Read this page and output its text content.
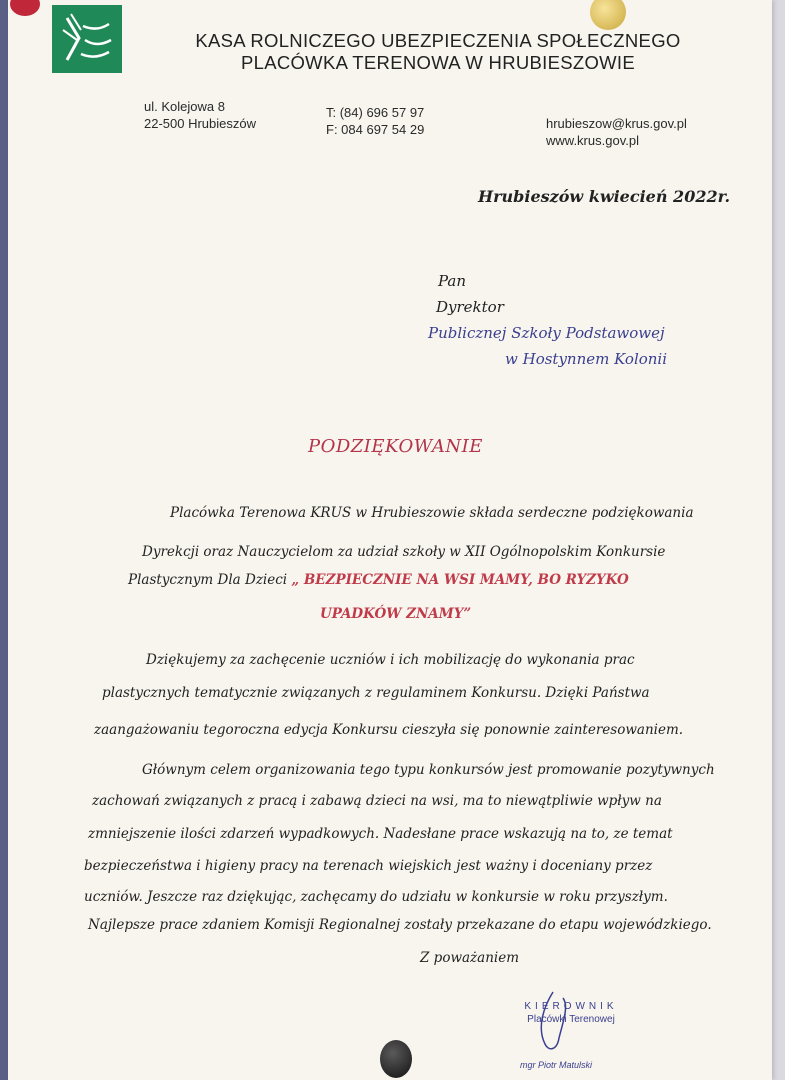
KASA ROLNICZEGO UBEZPIECZENIA SPOŁECZNEGO
PLACÓWKA TERENOWA W HRUBIESZOWIE
ul. Kolejowa 8
22-500 Hrubieszów
T: (84) 696 57 97
F: 084 697 54 29	hrubieszow@krus.gov.pl
www.krus.gov.pl
Hrubieszów kwiecień 2022r.
Pan
Dyrektor
Publicznej Szkoły Podstawowej
w Hostynnem Kolonii
PODZIĘKOWANIE
Placówka Terenowa KRUS w Hrubieszowie składa serdeczne podziękowania
Dyrekcji oraz Nauczycielom za udział szkoły w XII Ogólnopolskim Konkursie
Plastycznym Dla Dzieci „ BEZPIECZNIE NA WSI MAMY, BO RYZYKO
UPADKÓW ZNAMY”
Dziękujemy za zachęcenie uczniów i ich mobilizację do wykonania prac
plastycznych tematycznie związanych z regulaminem Konkursu. Dzięki Państwa
zaangażowaniu tegoroczna edycja Konkursu cieszyła się ponownie zainteresowaniem.
Głównym celem organizowania tego typu konkursów jest promowanie pozytywnych
zachowań związanych z pracą i zabawą dzieci na wsi, ma to niewątpliwie wpływ na
zmniejszenie ilości zdarzeń wypadkowych. Nadesłane prace wskazują na to, ze temat
bezpieczeństwa i higieny pracy na terenach wiejskich jest ważny i doceniany przez
uczniów. Jeszcze raz dziękując, zachęcamy do udziału w konkursie w roku przyszłym.
Najlepsze prace zdaniem Komisji Regionalnej zostały przekazane do etapu wojewódzkiego.
Z poważaniem
KIEROWNIK
Placówki Terenowej
mgr Piotr Matulski
